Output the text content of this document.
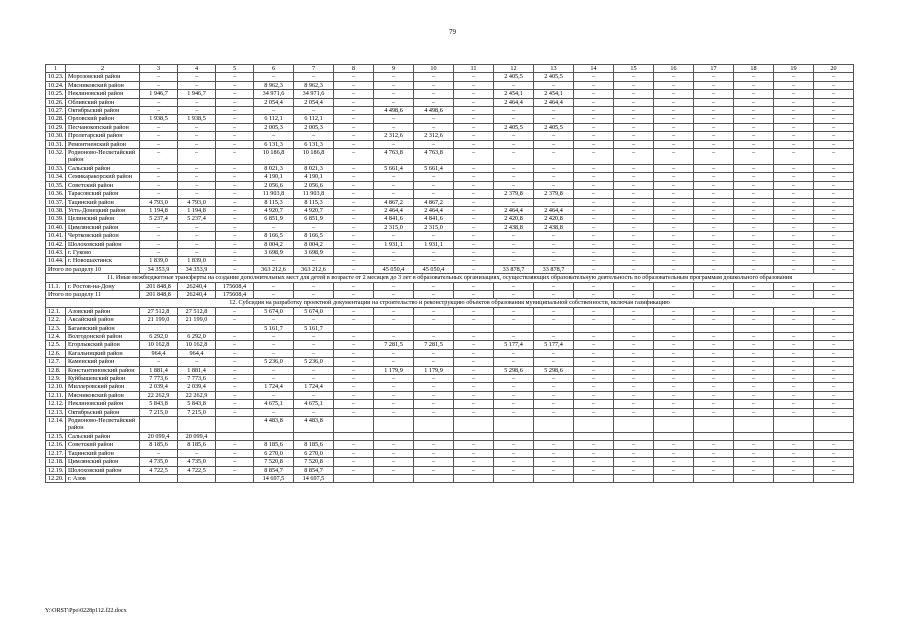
79
1	2	3	4	5	6	7	8	9	10	11	12	13	14	15	16	17	18	19	20
10.23.	Морозовский район	–	–	–	–	–	–	–	–	–	2 405,5	2 405,5	–	–	–	–	–	–	–
10.24.	Мясниковский район	–	–	–	8 962,3	8 962,3	–	–	–	–	–	–	–	–	–	–	–	–	–
10.25.	Неклиновский район	1 946,7	1 946,7	–	34 971,6	34 971,6	–	–	–	–	2 454,1	2 454,1	–	–	–	–	–	–	–
10.26.	Обливский район	–	–	–	2 054,4	2 054,4	–	–	–	–	2 464,4	2 464,4	–	–	–	–	–	–	–
10.27.	Октябрьский район	–	–	–	–	–	–	4 498,6	4 498,6	–	–	–	–	–	–	–	–	–	–
10.28.	Орловский район	1 938,5	1 938,5	–	6 112,1	6 112,1	–	–	–	–	–	–	–	–	–	–	–	–	–
10.29.	Песчанокопский район	–	–	–	2 005,3	2 005,3	–	–	–	–	2 405,5	2 405,5	–	–	–	–	–	–	–
10.30.	Пролетарский район	–	–	–	–	–	–	2 312,6	2 312,6	–	–	–	–	–	–	–	–	–	–
10.31.	Ремонтненский район	–	–	–	6 131,3	6 131,3	–	–	–	–	–	–	–	–	–	–	–	–	–
10.32.	Родионово-Несветайский район	–	–	–	10 186,8	10 186,8	–	4 763,8	4 763,8	–	–	–	–	–	–	–	–	–	–
10.33.	Сальский район	–	–	–	8 021,3	8 021,3	–	5 661,4	5 661,4	–	–	–	–	–	–	–	–	–	–
10.34.	Семикаракорский район	–	–	–	4 190,1	4 190,1	–	–	–	–	–	–	–	–	–	–	–	–	–
10.35.	Советский район	–	–	–	2 056,6	2 056,6	–	–	–	–	–	–	–	–	–	–	–	–	–
10.36.	Тарасовский район	–	–	–	11 903,8	11 903,8	–	–	–	–	2 379,8	2 379,8	–	–	–	–	–	–	–
10.37.	Тацинский район	4 793,0	4 793,0	–	8 115,3	8 115,3	–	4 867,2	4 867,2	–	–	–	–	–	–	–	–	–	–
10.38.	Усть-Донецкий район	1 194,8	1 194,8	–	4 920,7	4 920,7	–	2 464,4	2 464,4	–	2 464,4	2 464,4	–	–	–	–	–	–	–
10.39.	Целинский район	5 237,4	5 237,4	–	6 851,9	6 851,9	–	4 841,6	4 841,6	–	2 420,8	2 420,8	–	–	–	–	–	–	–
10.40.	Цимлянский район	–	–	–	–	–	–	2 315,0	2 315,0	–	2 438,8	2 438,8	–	–	–	–	–	–	–
10.41.	Чертковский район	–	–	–	8 166,5	8 166,5	–	–	–	–	–	–	–	–	–	–	–	–	–
10.42.	Шолоховский район	–	–	–	8 004,2	8 004,2	–	1 931,1	1 931,1	–	–	–	–	–	–	–	–	–	–
10.43.	г. Гуково	–	–	–	3 698,9	3 698,9	–	–	–	–	–	–	–	–	–	–	–	–	–
10.44.	г. Новошахтинск	1 839,0	1 839,0	–	–	–	–	–	–	–	–	–	–	–	–	–	–	–	–
Итого по разделу 10		34 353,9	34 353,9	–	363 212,6	363 212,6	–	45 050,4	45 050,4	–	33 878,7	33 878,7	–	–	–	–	–	–	–
11. Иные межбюджетные трансферты на создание дополнительных мест для детей в возрасте от 2 месяцев до 3 лет в образовательных организациях, осуществляющих образовательную деятельность по образовательным программам дошкольного образования																			
11.1.	г. Ростов-на-Дону	201 848,8	26240,4	175608,4	–	–	–	–	–	–	–	–	–	–	–	–	–	–	–
Итого по разделу 11		201 848,8	26240,4	175608,4	–	–	–	–	–	–	–	–	–	–	–	–	–	–	–
12. Субсидия на разработку проектной документации на строительство и реконструкцию объектов образования муниципальной собственности, включая газификацию																			
12.1.	Азовский район	27 512,8	27 512,8	–	5 674,0	5 674,0	–	–	–	–	–	–	–	–	–	–	–	–	–
12.2.	Аксайский район	21 199,0	21 199,0	–	–	–	–	–	–	–	–	–	–	–	–	–	–	–	–
12.3.	Багаевский район				5 161,7	5 161,7													
12.4.	Волгодонской район	6 292,0	6 292,0	–	–	–	–	–	–	–	–	–	–	–	–	–	–	–	–
12.5.	Егорлыкский район	10 162,8	10 162,8	–	–	–	–	7 281,5	7 281,5	–	5 177,4	5 177,4	–	–	–	–	–	–	–
12.6.	Кагальницкий район	964,4	964,4	–	–	–	–	–	–	–	–	–	–	–	–	–	–	–	–
12.7.	Каменский район	–	–	–	5 236,0	5 236,0	–	–	–	–	–	–	–	–	–	–	–	–	–
12.8.	Константиновский район	1 881,4	1 881,4	–	–	–	–	1 179,9	1 179,9	–	5 298,6	5 298,6	–	–	–	–	–	–	–
12.9.	Куйбышевский район	7 773,6	7 773,6	–	–	–	–	–	–	–	–	–	–	–	–	–	–	–	–
12.10.	Миллеровский район	2 039,4	2 039,4	–	1 724,4	1 724,4	–	–	–	–	–	–	–	–	–	–	–	–	–
12.11.	Мясниковский район	22 262,9	22 262,9	–	–	–	–	–	–	–	–	–	–	–	–	–	–	–	–
12.12.	Неклиновский район	5 843,8	5 843,8	–	4 675,1	4 675,1	–	–	–	–	–	–	–	–	–	–	–	–	–
12.13.	Октябрьский район	7 215,0	7 215,0	–	–	–	–	–	–	–	–	–	–	–	–	–	–	–	–
12.14.	Родионово-Несветайский район				4 483,8	4 483,8													
12.15.	Сальский район	20 099,4	20 099,4																
12.16.	Советский район	8 185,6	8 185,6	–	8 185,6	8 185,6	–	–	–	–	–	–	–	–	–	–	–	–	–
12.17.	Тацинский район	–	–	–	6 270,0	6 270,0	–	–	–	–	–	–	–	–	–	–	–	–	–
12.18.	Цимлянский район	4 735,0	4 735,0	–	7 520,8	7 520,8	–	–	–	–	–	–	–	–	–	–	–	–	–
12.19.	Шолоховский район	4 722,5	4 722,5	–	8 854,7	8 854,7	–	–	–	–	–	–	–	–	–	–	–	–	–
12.20.	г. Азов				14 697,5	14 697,5													
Y:\ORST\Ppo\0228p112.f22.docx
